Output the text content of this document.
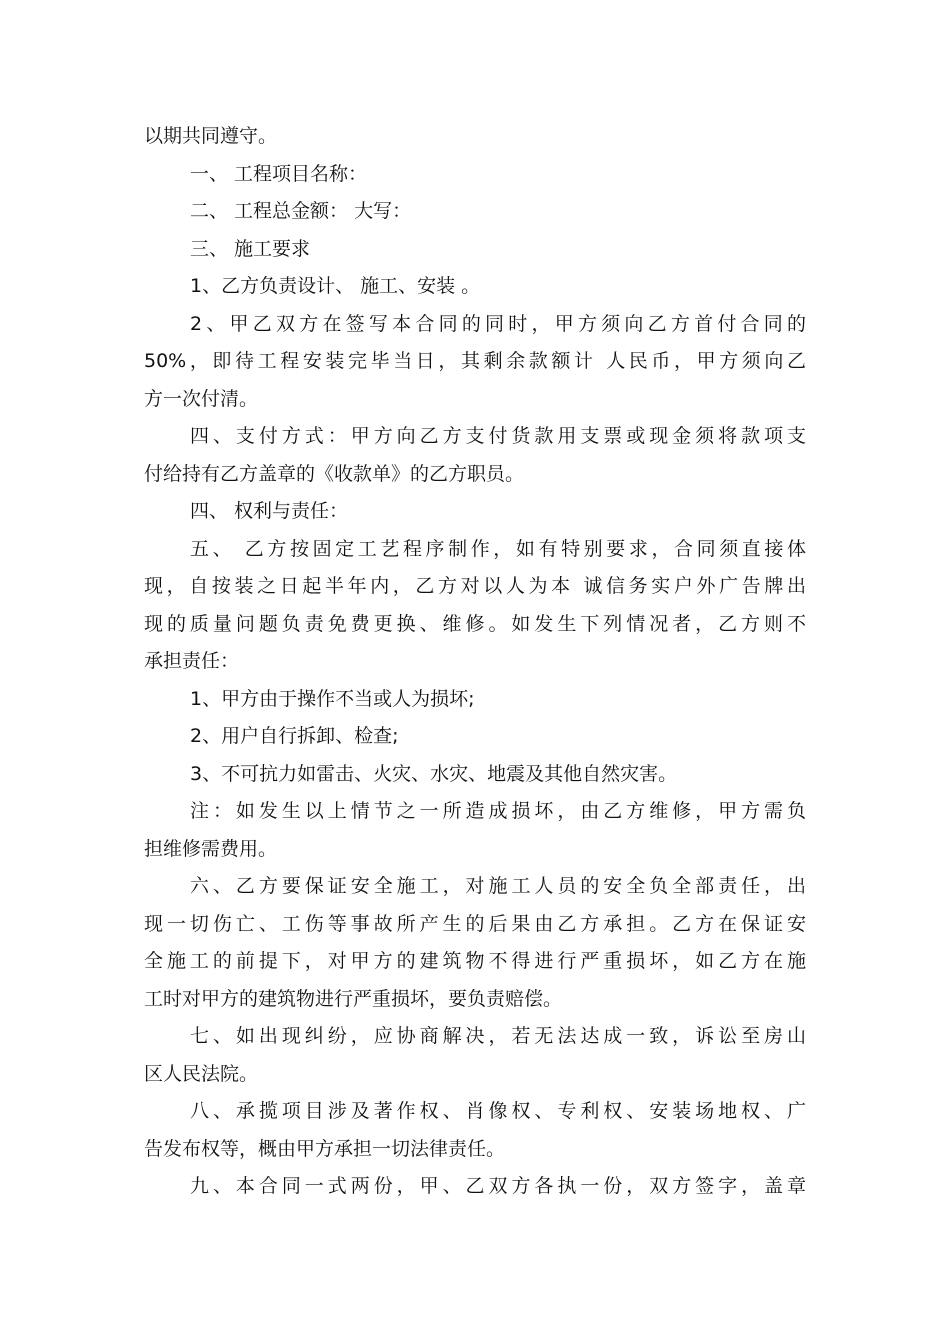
以期共同遵守。
一、 工程项目名称：
二、 工程总金额： 大写：
三、 施工要求
1、乙方负责设计、 施工、安装 。
2、甲乙双方在签写本合同的同时，甲方须向乙方首付合同的
50%，即待工程安装完毕当日，其剩余款额计 人民币，甲方须向乙
方一次付清。
四、支付方式：甲方向乙方支付货款用支票或现金须将款项支
付给持有乙方盖章的《收款单》的乙方职员。
四、 权利与责任：
五、 乙方按固定工艺程序制作，如有特别要求，合同须直接体
现，自按装之日起半年内，乙方对以人为本 诚信务实户外广告牌出
现的质量问题负责免费更换、维修。如发生下列情况者，乙方则不
承担责任：
1、甲方由于操作不当或人为损坏;
2、用户自行拆卸、检查;
3、不可抗力如雷击、火灾、水灾、地震及其他自然灾害。
注：如发生以上情节之一所造成损坏，由乙方维修，甲方需负
担维修需费用。
六、乙方要保证安全施工，对施工人员的安全负全部责任，出
现一切伤亡、工伤等事故所产生的后果由乙方承担。乙方在保证安
全施工的前提下，对甲方的建筑物不得进行严重损坏，如乙方在施
工时对甲方的建筑物进行严重损坏，要负责赔偿。
七、如出现纠纷，应协商解决，若无法达成一致，诉讼至房山
区人民法院。
八、承揽项目涉及著作权、肖像权、专利权、安装场地权、广
告发布权等，概由甲方承担一切法律责任。
九、本合同一式两份，甲、乙双方各执一份，双方签字，盖章
